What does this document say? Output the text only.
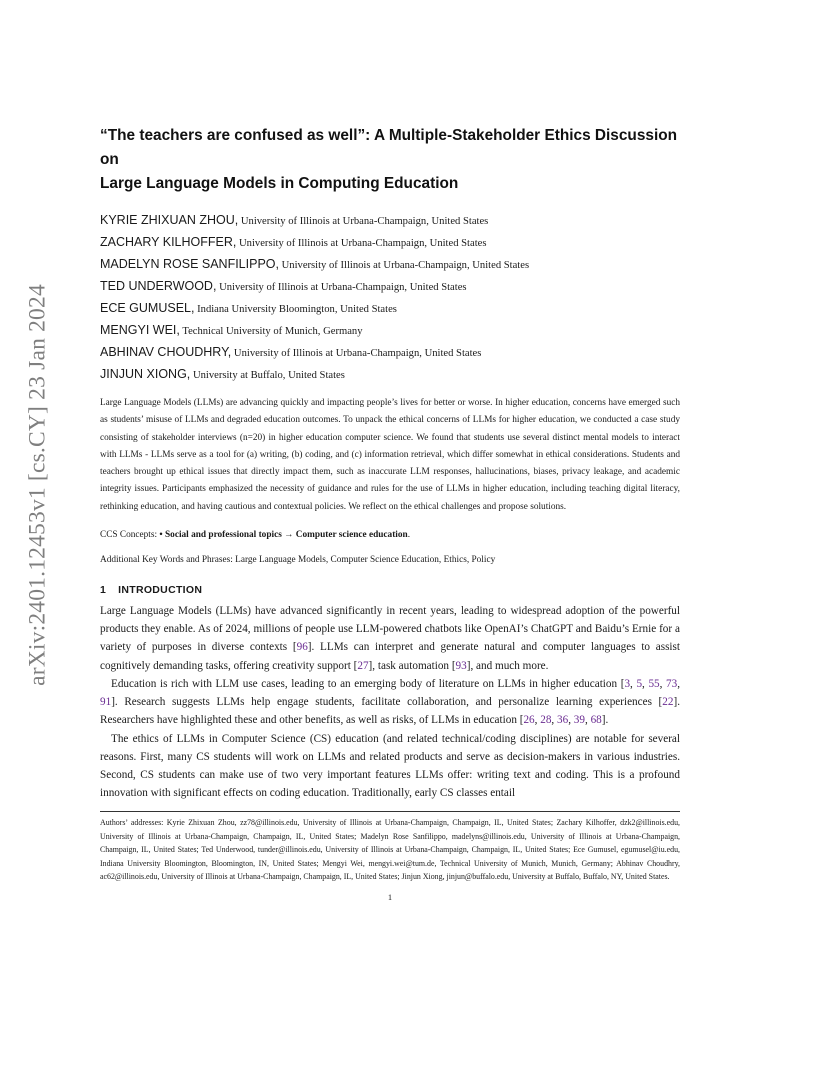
arXiv:2401.12453v1 [cs.CY] 23 Jan 2024
“The teachers are confused as well”: A Multiple-Stakeholder Ethics Discussion on
Large Language Models in Computing Education
KYRIE ZHIXUAN ZHOU, University of Illinois at Urbana-Champaign, United States
ZACHARY KILHOFFER, University of Illinois at Urbana-Champaign, United States
MADELYN ROSE SANFILIPPO, University of Illinois at Urbana-Champaign, United States
TED UNDERWOOD, University of Illinois at Urbana-Champaign, United States
ECE GUMUSEL, Indiana University Bloomington, United States
MENGYI WEI, Technical University of Munich, Germany
ABHINAV CHOUDHRY, University of Illinois at Urbana-Champaign, United States
JINJUN XIONG, University at Buffalo, United States
Large Language Models (LLMs) are advancing quickly and impacting people’s lives for better or worse. In higher education, concerns have emerged such as students’ misuse of LLMs and degraded education outcomes. To unpack the ethical concerns of LLMs for higher education, we conducted a case study consisting of stakeholder interviews (n=20) in higher education computer science. We found that students use several distinct mental models to interact with LLMs - LLMs serve as a tool for (a) writing, (b) coding, and (c) information retrieval, which differ somewhat in ethical considerations. Students and teachers brought up ethical issues that directly impact them, such as inaccurate LLM responses, hallucinations, biases, privacy leakage, and academic integrity issues. Participants emphasized the necessity of guidance and rules for the use of LLMs in higher education, including teaching digital literacy, rethinking education, and having cautious and contextual policies. We reflect on the ethical challenges and propose solutions.
CCS Concepts: • Social and professional topics → Computer science education.
Additional Key Words and Phrases: Large Language Models, Computer Science Education, Ethics, Policy
1 INTRODUCTION

Large Language Models (LLMs) have advanced significantly in recent years, leading to widespread adoption of the powerful products they enable. As of 2024, millions of people use LLM-powered chatbots like OpenAI’s ChatGPT and Baidu’s Ernie for a variety of purposes in diverse contexts [96]. LLMs can interpret and generate natural and computer languages to assist cognitively demanding tasks, offering creativity support [27], task automation [93], and much more.

Education is rich with LLM use cases, leading to an emerging body of literature on LLMs in higher education [3, 5, 55, 73, 91]. Research suggests LLMs help engage students, facilitate collaboration, and personalize learning experiences [22]. Researchers have highlighted these and other benefits, as well as risks, of LLMs in education [26, 28, 36, 39, 68].

The ethics of LLMs in Computer Science (CS) education (and related technical/coding disciplines) are notable for several reasons. First, many CS students will work on LLMs and related products and serve as decision-makers in various industries. Second, CS students can make use of two very important features LLMs offer: writing text and coding. This is a profound innovation with significant effects on coding education. Traditionally, early CS classes entail

Authors’ addresses: Kyrie Zhixuan Zhou, zz78@illinois.edu, University of Illinois at Urbana-Champaign, Champaign, IL, United States; Zachary Kilhoffer, dzk2@illinois.edu, University of Illinois at Urbana-Champaign, Champaign, IL, United States; Madelyn Rose Sanfilippo, madelyns@illinois.edu, University of Illinois at Urbana-Champaign, Champaign, IL, United States; Ted Underwood, tunder@illinois.edu, University of Illinois at Urbana-Champaign, Champaign, IL, United States; Ece Gumusel, egumusel@iu.edu, Indiana University Bloomington, Bloomington, IN, United States; Mengyi Wei, mengyi.wei@tum.de, Technical University of Munich, Munich, Germany; Abhinav Choudhry, ac62@illinois.edu, University of Illinois at Urbana-Champaign, Champaign, IL, United States; Jinjun Xiong, jinjun@buffalo.edu, University at Buffalo, Buffalo, NY, United States.
1
